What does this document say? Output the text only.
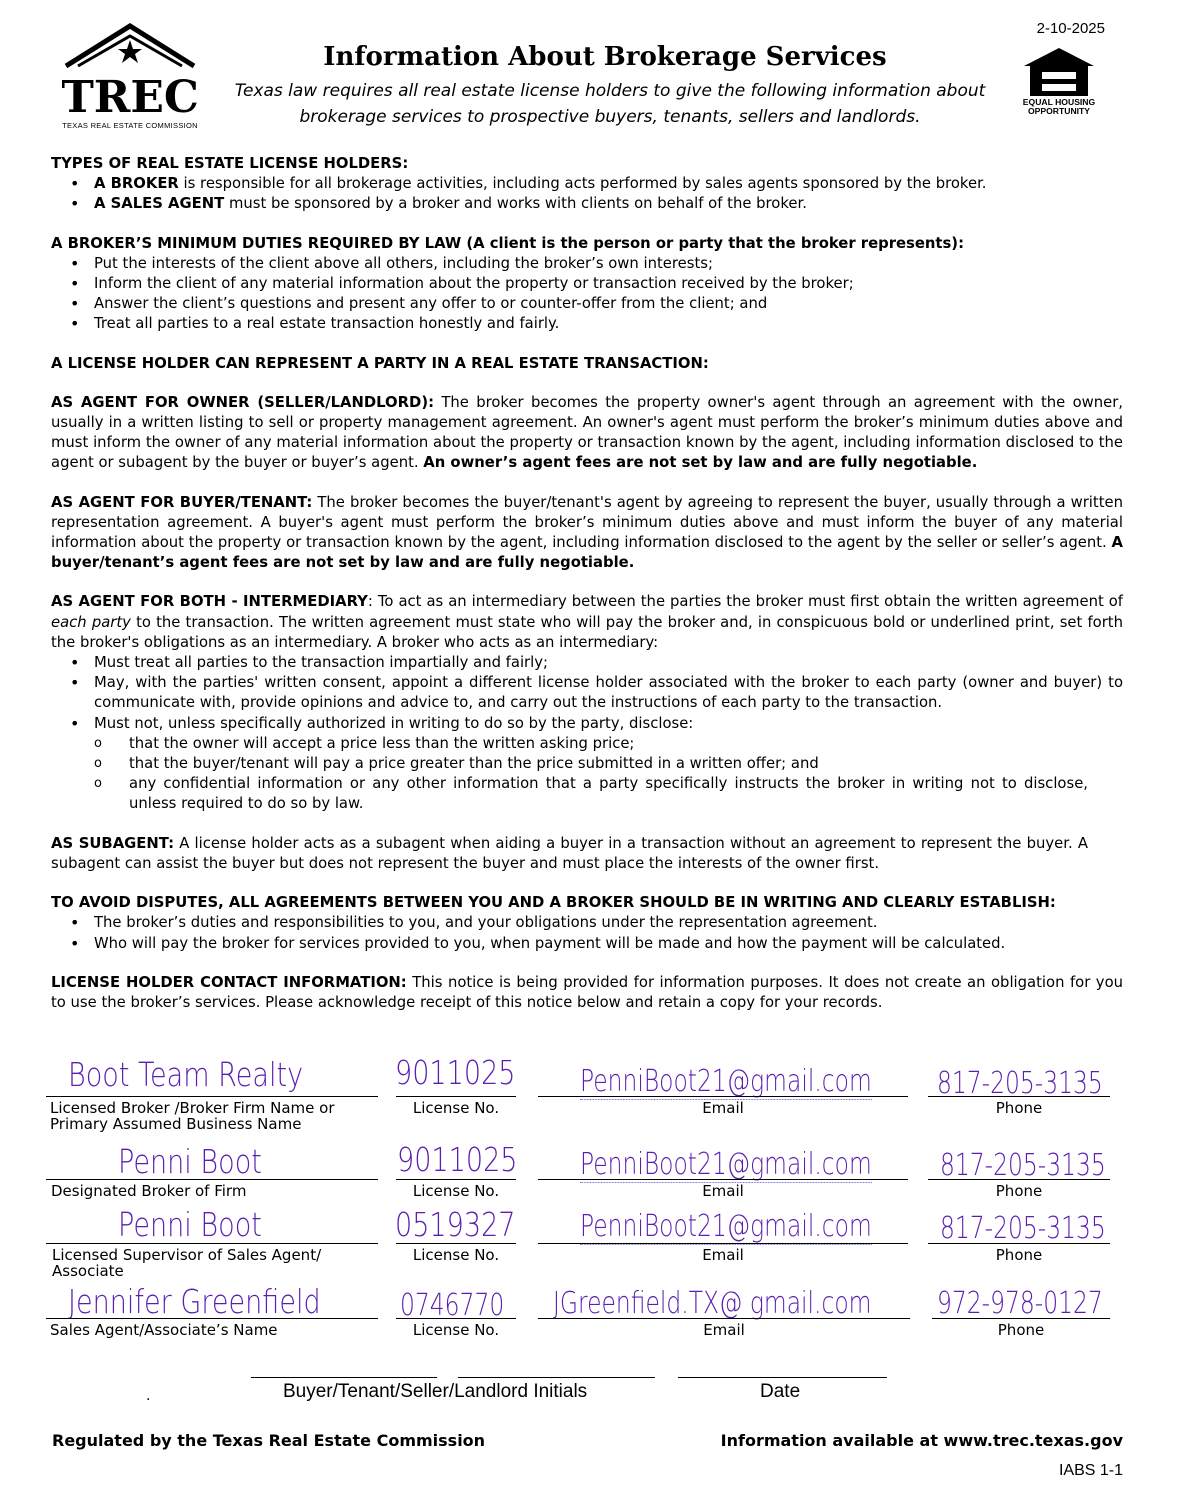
TREC
TEXAS REAL ESTATE COMMISSION
Information About Brokerage Services
Texas law requires all real estate license holders to give the following information about
brokerage services to prospective buyers, tenants, sellers and landlords.
2-10-2025
EQUAL HOUSING
OPPORTUNITY

TYPES OF REAL ESTATE LICENSE HOLDERS:

• A BROKER is responsible for all brokerage activities, including acts performed by sales agents sponsored by the broker.
• A SALES AGENT must be sponsored by a broker and works with clients on behalf of the broker.

A BROKER’S MINIMUM DUTIES REQUIRED BY LAW (A client is the person or party that the broker represents):

• Put the interests of the client above all others, including the broker’s own interests;
• Inform the client of any material information about the property or transaction received by the broker;
• Answer the client’s questions and present any offer to or counter-offer from the client; and
• Treat all parties to a real estate transaction honestly and fairly.

A LICENSE HOLDER CAN REPRESENT A PARTY IN A REAL ESTATE TRANSACTION:

AS AGENT FOR OWNER (SELLER/LANDLORD): The broker becomes the property owner's agent through an agreement with the owner, usually in a written listing to sell or property management agreement. An owner's agent must perform the broker’s minimum duties above and must inform the owner of any material information about the property or transaction known by the agent, including information disclosed to the agent or subagent by the buyer or buyer’s agent. An owner’s agent fees are not set by law and are fully negotiable.

AS AGENT FOR BUYER/TENANT: The broker becomes the buyer/tenant's agent by agreeing to represent the buyer, usually through a written representation agreement. A buyer's agent must perform the broker’s minimum duties above and must inform the buyer of any material information about the property or transaction known by the agent, including information disclosed to the agent by the seller or seller’s agent. A buyer/tenant’s agent fees are not set by law and are fully negotiable.

AS AGENT FOR BOTH - INTERMEDIARY: To act as an intermediary between the parties the broker must first obtain the written agreement of each party to the transaction. The written agreement must state who will pay the broker and, in conspicuous bold or underlined print, set forth the broker's obligations as an intermediary. A broker who acts as an intermediary:

• Must treat all parties to the transaction impartially and fairly;
• May, with the parties' written consent, appoint a different license holder associated with the broker to each party (owner and buyer) to communicate with, provide opinions and advice to, and carry out the instructions of each party to the transaction.
• Must not, unless specifically authorized in writing to do so by the party, disclose:
o that the owner will accept a price less than the written asking price;
o that the buyer/tenant will pay a price greater than the price submitted in a written offer; and
o any confidential information or any other information that a party specifically instructs the broker in writing not to disclose, unless required to do so by law.

AS SUBAGENT: A license holder acts as a subagent when aiding a buyer in a transaction without an agreement to represent the buyer. A subagent can assist the buyer but does not represent the buyer and must place the interests of the owner first.

TO AVOID DISPUTES, ALL AGREEMENTS BETWEEN YOU AND A BROKER SHOULD BE IN WRITING AND CLEARLY ESTABLISH:

• The broker’s duties and responsibilities to you, and your obligations under the representation agreement.
• Who will pay the broker for services provided to you, when payment will be made and how the payment will be calculated.

LICENSE HOLDER CONTACT INFORMATION: This notice is being provided for information purposes. It does not create an obligation for you to use the broker’s services. Please acknowledge receipt of this notice below and retain a copy for your records.

Boot Team Realty
Licensed Broker /Broker Firm Name or
Primary Assumed Business Name
9011025
License No.
PenniBoot21@gmail.com
Email
817-205-3135
Phone
Penni Boot
Designated Broker of Firm
9011025
License No.
PenniBoot21@gmail.com
Email
817-205-3135
Phone
Penni Boot
Licensed Supervisor of Sales Agent/
Associate
0519327
License No.
PenniBoot21@gmail.com
Email
817-205-3135
Phone
Jennifer Greenfield
Sales Agent/Associate’s Name
0746770
License No.
JGreenfield.TX@ gmail.com
Email
972-978-0127
Phone
Buyer/Tenant/Seller/Landlord Initials	Date
.
Regulated by the Texas Real Estate Commission	Information available at www.trec.texas.gov
IABS 1-1
